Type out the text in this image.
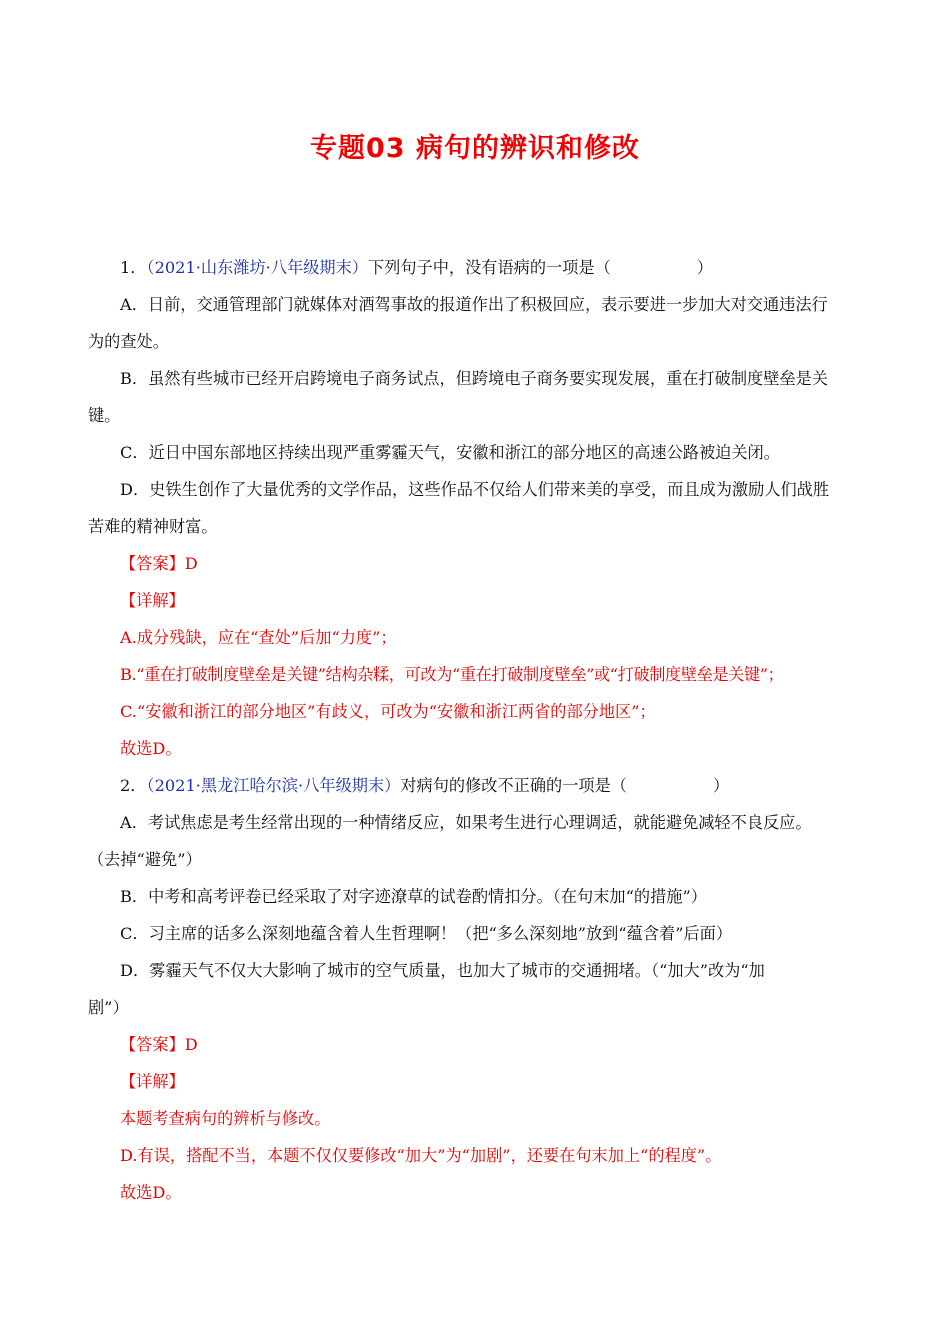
专题03 病句的辨识和修改
1．（2021·山东潍坊·八年级期末）下列句子中，没有语病的一项是（	）
A．日前，交通管理部门就媒体对酒驾事故的报道作出了积极回应，表示要进一步加大对交通违法行
为的查处。
B．虽然有些城市已经开启跨境电子商务试点，但跨境电子商务要实现发展，重在打破制度壁垒是关
键。
C．近日中国东部地区持续出现严重雾霾天气，安徽和浙江的部分地区的高速公路被迫关闭。
D．史铁生创作了大量优秀的文学作品，这些作品不仅给人们带来美的享受，而且成为激励人们战胜
苦难的精神财富。
【答案】D
【详解】
A.成分残缺，应在“查处”后加“力度”；
B.“重在打破制度壁垒是关键”结构杂糅，可改为“重在打破制度壁垒”或“打破制度壁垒是关键”；
C.“安徽和浙江的部分地区”有歧义，可改为“安徽和浙江两省的部分地区”；
故选D。
2．（2021·黑龙江哈尔滨·八年级期末）对病句的修改不正确的一项是（	）
A．考试焦虑是考生经常出现的一种情绪反应，如果考生进行心理调适，就能避免减轻不良反应。
（去掉“避免”）
B．中考和高考评卷已经采取了对字迹潦草的试卷酌情扣分。（在句末加“的措施”）
C．习主席的话多么深刻地蕴含着人生哲理啊！（把“多么深刻地”放到“蕴含着”后面）
D．雾霾天气不仅大大影响了城市的空气质量，也加大了城市的交通拥堵。（“加大”改为“加
剧”）
【答案】D
【详解】
本题考查病句的辨析与修改。
D.有误，搭配不当，本题不仅仅要修改“加大”为“加剧”，还要在句末加上“的程度”。
故选D。
